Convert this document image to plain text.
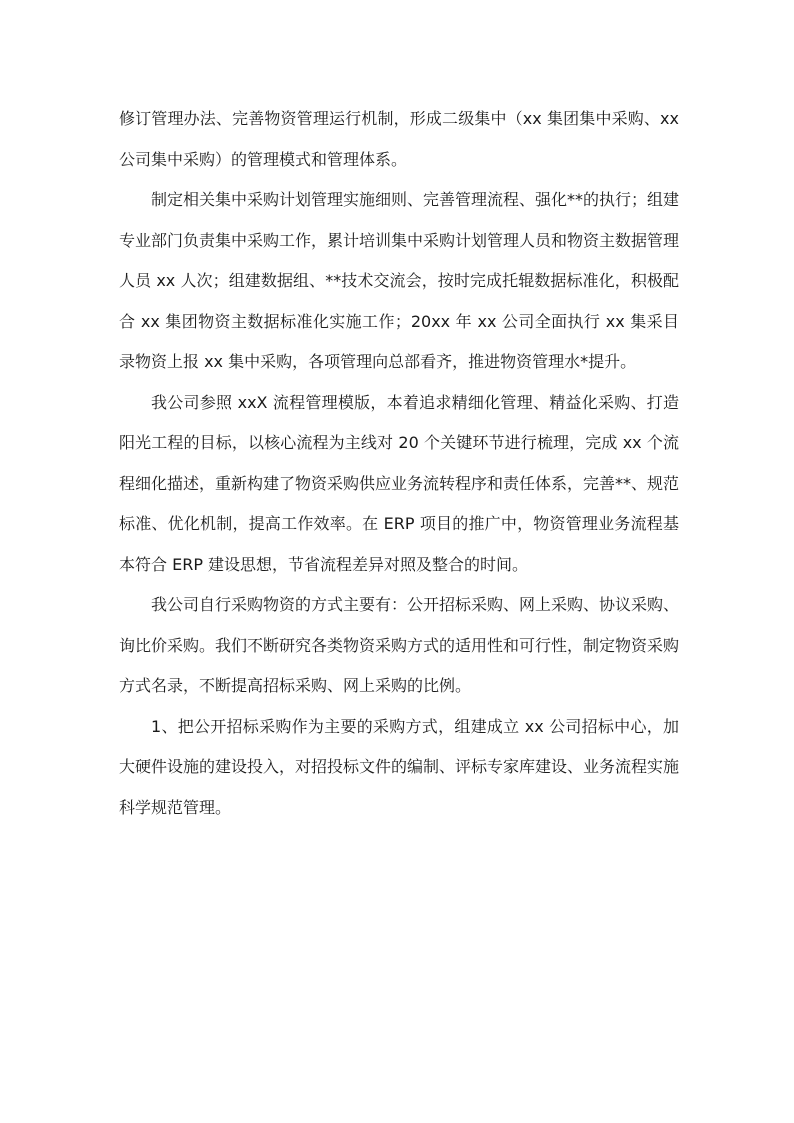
修订管理办法、完善物资管理运行机制，形成二级集中（xx 集团集中采购、xx 公司集中采购）的管理模式和管理体系。

制定相关集中采购计划管理实施细则、完善管理流程、强化**的执行；组建专业部门负责集中采购工作，累计培训集中采购计划管理人员和物资主数据管理人员 xx 人次；组建数据组、**技术交流会，按时完成托辊数据标准化，积极配合 xx 集团物资主数据标准化实施工作；20xx 年 xx 公司全面执行 xx 集采目录物资上报 xx 集中采购，各项管理向总部看齐，推进物资管理水*提升。

我公司参照 xxX 流程管理模版，本着追求精细化管理、精益化采购、打造阳光工程的目标，以核心流程为主线对 20 个关键环节进行梳理，完成 xx 个流程细化描述，重新构建了物资采购供应业务流转程序和责任体系，完善**、规范标准、优化机制，提高工作效率。在 ERP 项目的推广中，物资管理业务流程基本符合 ERP 建设思想，节省流程差异对照及整合的时间。

我公司自行采购物资的方式主要有：公开招标采购、网上采购、协议采购、询比价采购。我们不断研究各类物资采购方式的适用性和可行性，制定物资采购方式名录，不断提高招标采购、网上采购的比例。

1、把公开招标采购作为主要的采购方式，组建成立 xx 公司招标中心，加大硬件设施的建设投入，对招投标文件的编制、评标专家库建设、业务流程实施科学规范管理。
